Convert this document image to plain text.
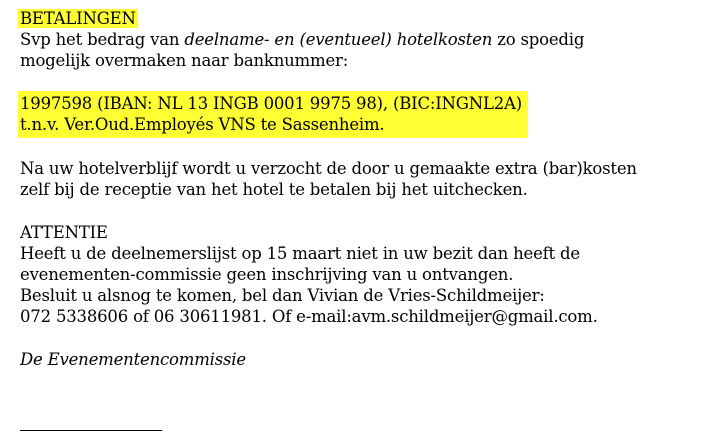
BETALINGEN
Svp het bedrag van deelname- en (eventueel) hotelkosten zo spoedig
mogelijk overmaken naar banknummer:
1997598 (IBAN: NL 13 INGB 0001 9975 98), (BIC:INGNL2A)
t.n.v. Ver.Oud.Employés VNS te Sassenheim.
Na uw hotelverblijf wordt u verzocht de door u gemaakte extra (bar)kosten
zelf bij de receptie van het hotel te betalen bij het uitchecken.
ATTENTIE
Heeft u de deelnemerslijst op 15 maart niet in uw bezit dan heeft de
evenementen-commissie geen inschrijving van u ontvangen.
Besluit u alsnog te komen, bel dan Vivian de Vries-Schildmeijer:
072 5338606 of 06 30611981. Of e-mail:avm.schildmeijer@gmail.com.
De Evenementencommissie
